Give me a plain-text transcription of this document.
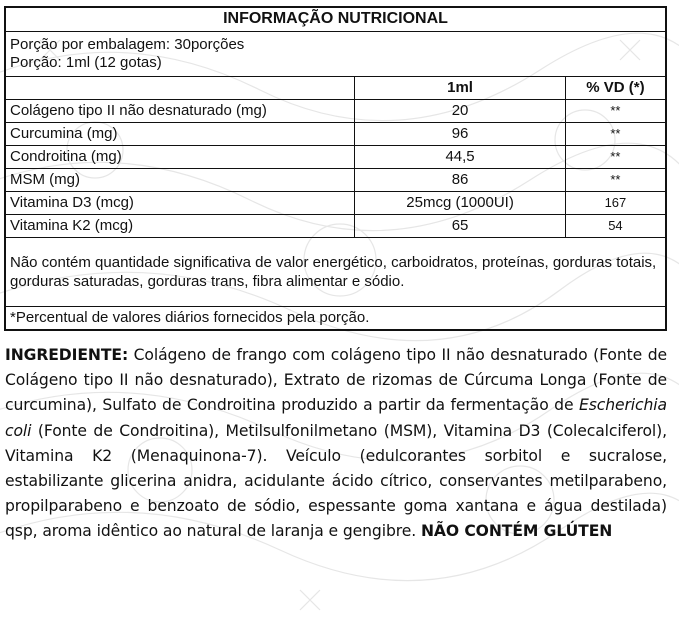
INFORMAÇÃO NUTRICIONAL		

Porção por embalagem: 30porções
Porção: 1ml (12 gotas)		

	1ml	% VD (*)
Colágeno tipo II não desnaturado (mg)	20	**
Curcumina (mg)	96	**
Condroitina (mg)	44,5	**
MSM (mg)	86	**
Vitamina D3 (mcg)	25mcg (1000UI)	167
Vitamina K2 (mcg)	65	54
Não contém quantidade significativa de valor energético, carboidratos, proteínas, gorduras totais, gorduras saturadas, gorduras trans, fibra alimentar e sódio.		
*Percentual de valores diários fornecidos pela porção.		

INGREDIENTE: Colágeno de frango com colágeno tipo II não desnaturado (Fonte de Colágeno tipo II não desnaturado), Extrato de rizomas de Cúrcuma Longa (Fonte de curcumina), Sulfato de Condroitina produzido a partir da fermentação de Escherichia coli (Fonte de Condroitina), Metilsulfonilmetano (MSM), Vitamina D3 (Colecalciferol), Vitamina K2 (Menaquinona-7). Veículo (edulcorantes sorbitol e sucralose, estabilizante glicerina anidra, acidulante ácido cítrico, conservantes metilparabeno, propilparabeno e benzoato de sódio, espessante goma xantana e água destilada) qsp, aroma idêntico ao natural de laranja e gengibre. NÃO CONTÉM GLÚTEN
